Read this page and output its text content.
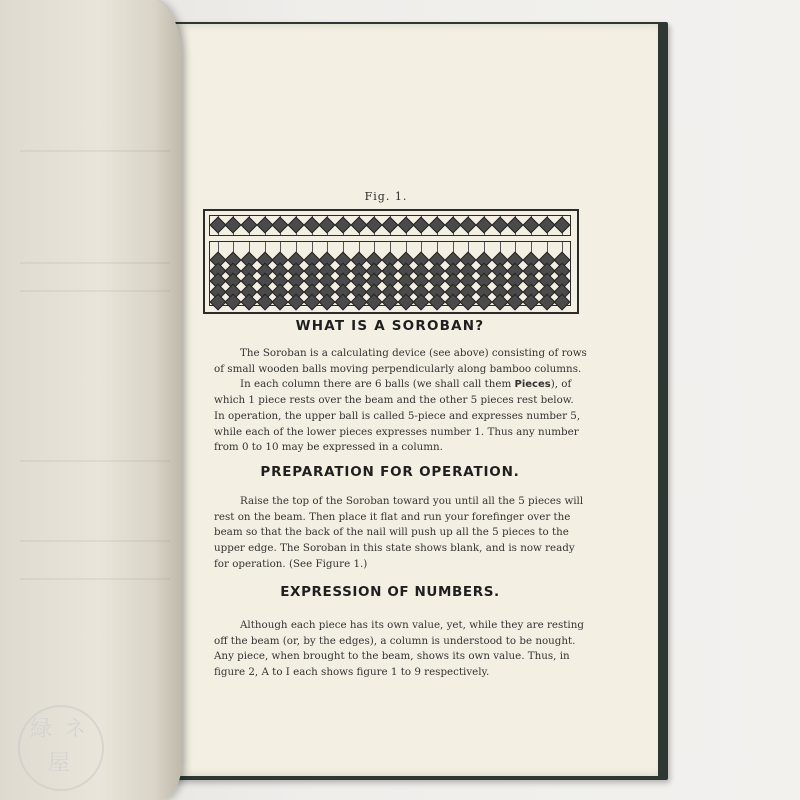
緑 ネ
屋
Fig. 1.
WHAT IS A SOROBAN?

The Soroban is a calculating device (see above) consisting of rows

of small wooden balls moving perpendicularly along bamboo columns.

In each column there are 6 balls (we shall call them Pieces), of

which 1 piece rests over the beam and the other 5 pieces rest below.

In operation, the upper ball is called 5-piece and expresses number 5,

while each of the lower pieces expresses number 1. Thus any number

from 0 to 10 may be expressed in a column.

PREPARATION FOR OPERATION.

Raise the top of the Soroban toward you until all the 5 pieces will

rest on the beam. Then place it flat and run your forefinger over the

beam so that the back of the nail will push up all the 5 pieces to the

upper edge. The Soroban in this state shows blank, and is now ready

for operation. (See Figure 1.)

EXPRESSION OF NUMBERS.

Although each piece has its own value, yet, while they are resting

off the beam (or, by the edges), a column is understood to be nought.

Any piece, when brought to the beam, shows its own value. Thus, in

figure 2, A to I each shows figure 1 to 9 respectively.
